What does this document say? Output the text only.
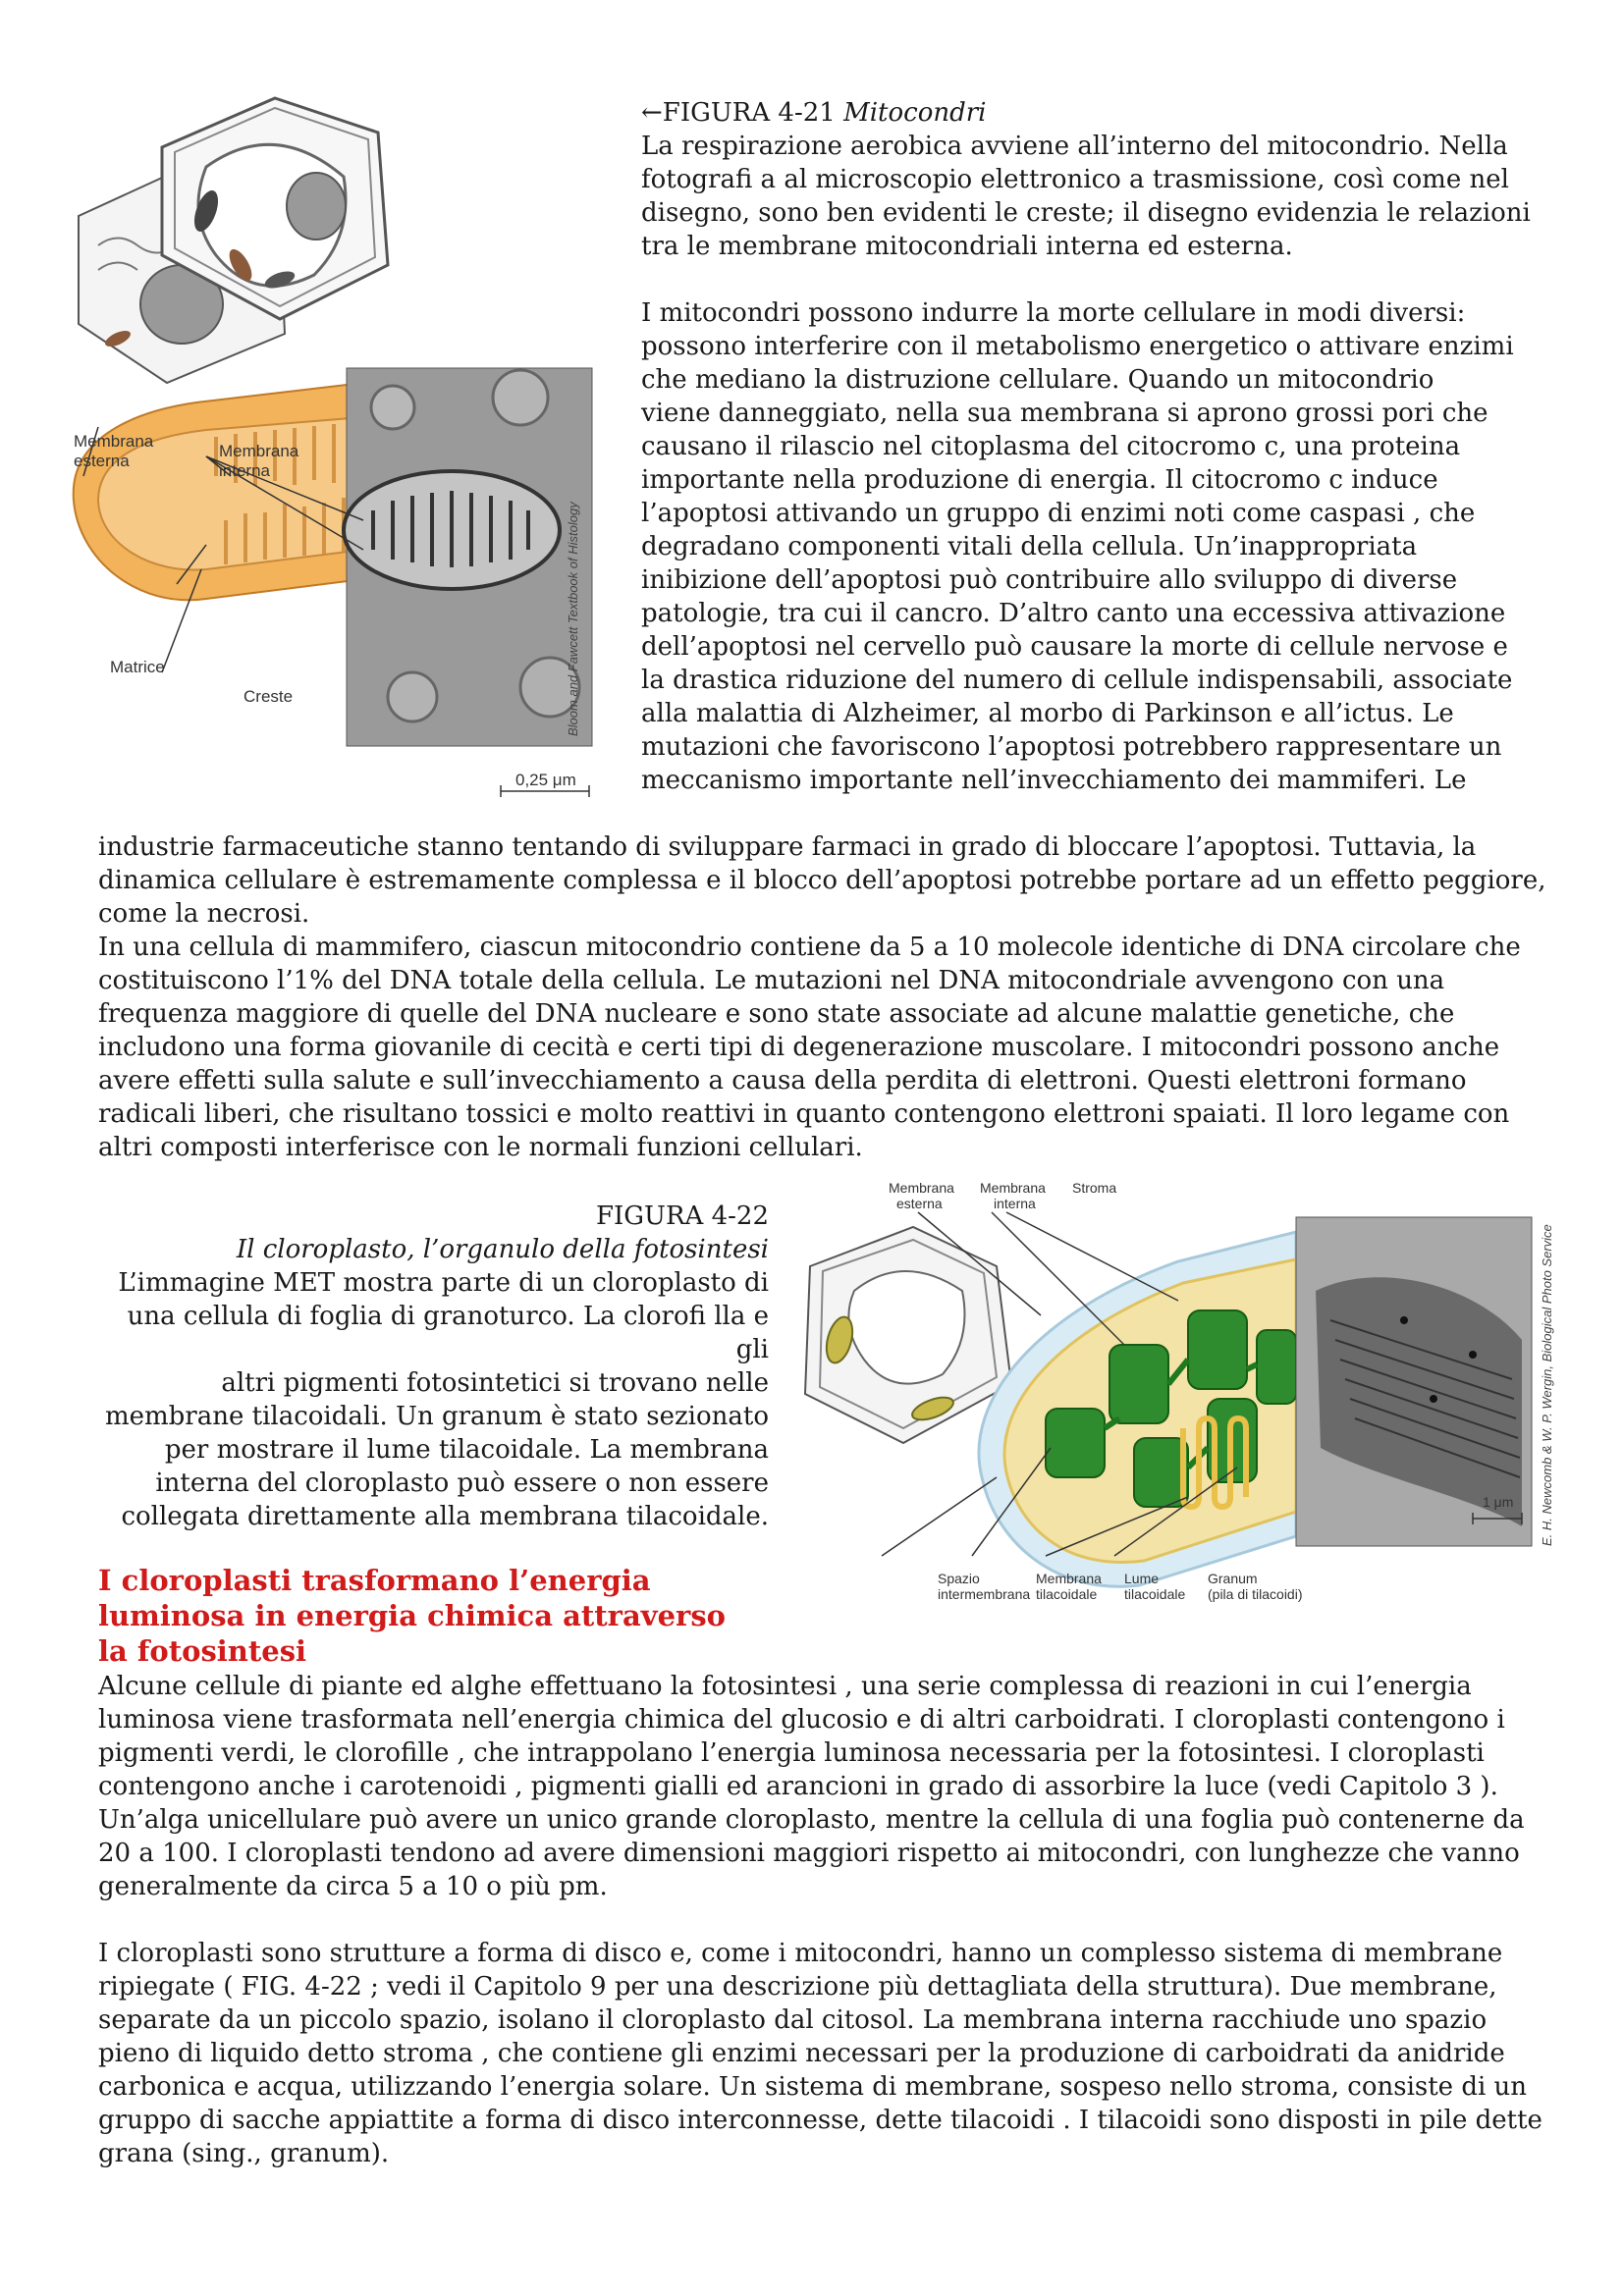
Bloom and Fawcett Textbook of Histology
Membrana
esterna
Membrana
interna
Matrice
Creste
0,25 μm

←FIGURA 4-21 Mitocondri

La respirazione aerobica avviene all’interno del mitocondrio. Nella fotografi a al microscopio elettronico a trasmissione, così come nel disegno, sono ben evidenti le creste; il disegno evidenzia le relazioni tra le membrane mitocondriali interna ed esterna.

I mitocondri possono indurre la morte cellulare in modi diversi:
possono interferire con il metabolismo energetico o attivare enzimi
che mediano la distruzione cellulare. Quando un mitocondrio
viene danneggiato, nella sua membrana si aprono grossi pori che
causano il rilascio nel citoplasma del citocromo c, una proteina
importante nella produzione di energia. Il citocromo c induce
l’apoptosi attivando un gruppo di enzimi noti come caspasi , che
degradano componenti vitali della cellula. Un’inappropriata
inibizione dell’apoptosi può contribuire allo sviluppo di diverse
patologie, tra cui il cancro. D’altro canto una eccessiva attivazione
dell’apoptosi nel cervello può causare la morte di cellule nervose e
la drastica riduzione del numero di cellule indispensabili, associate
alla malattia di Alzheimer, al morbo di Parkinson e all’ictus. Le
mutazioni che favoriscono l’apoptosi potrebbero rappresentare un
meccanismo importante nell’invecchiamento dei mammiferi. Le

industrie farmaceutiche stanno tentando di sviluppare farmaci in grado di bloccare l’apoptosi. Tuttavia, la dinamica cellulare è estremamente complessa e il blocco dell’apoptosi potrebbe portare ad un effetto peggiore, come la necrosi.

In una cellula di mammifero, ciascun mitocondrio contiene da 5 a 10 molecole identiche di DNA circolare che costituiscono l’1% del DNA totale della cellula. Le mutazioni nel DNA mitocondriale avvengono con una frequenza maggiore di quelle del DNA nucleare e sono state associate ad alcune malattie genetiche, che includono una forma giovanile di cecità e certi tipi di degenerazione muscolare. I mitocondri possono anche avere effetti sulla salute e sull’invecchiamento a causa della perdita di elettroni. Questi elettroni formano radicali liberi, che risultano tossici e molto reattivi in quanto contengono elettroni spaiati. Il loro legame con altri composti interferisce con le normali funzioni cellulari.

FIGURA 4-22

Il cloroplasto, l’organulo della fotosintesi

L’immagine MET mostra parte di un cloroplasto di
una cellula di foglia di granoturco. La clorofi lla e gli
altri pigmenti fotosintetici si trovano nelle
membrane tilacoidali. Un granum è stato sezionato
per mostrare il lume tilacoidale. La membrana
interna del cloroplasto può essere o non essere
collegata direttamente alla membrana tilacoidale.	E. H. Newcomb & W. P. Wergin, Biological Photo Service
Membrana
esterna
Membrana
interna
Stroma
Spazio
intermembrana
Membrana
tilacoidale
Lume
tilacoidale
Granum
(pila di tilacoidi)
1 μm
I cloroplasti trasformano l’energia luminosa in energia chimica attraverso la fotosintesi

Alcune cellule di piante ed alghe effettuano la fotosintesi , una serie complessa di reazioni in cui l’energia luminosa viene trasformata nell’energia chimica del glucosio e di altri carboidrati. I cloroplasti contengono i pigmenti verdi, le clorofille , che intrappolano l’energia luminosa necessaria per la fotosintesi. I cloroplasti contengono anche i carotenoidi , pigmenti gialli ed arancioni in grado di assorbire la luce (vedi Capitolo 3 ). Un’alga unicellulare può avere un unico grande cloroplasto, mentre la cellula di una foglia può contenerne da 20 a 100. I cloroplasti tendono ad avere dimensioni maggiori rispetto ai mitocondri, con lunghezze che vanno generalmente da circa 5 a 10 o più pm.

I cloroplasti sono strutture a forma di disco e, come i mitocondri, hanno un complesso sistema di membrane ripiegate ( FIG. 4-22 ; vedi il Capitolo 9 per una descrizione più dettagliata della struttura). Due membrane, separate da un piccolo spazio, isolano il cloroplasto dal citosol. La membrana interna racchiude uno spazio pieno di liquido detto stroma , che contiene gli enzimi necessari per la produzione di carboidrati da anidride carbonica e acqua, utilizzando l’energia solare. Un sistema di membrane, sospeso nello stroma, consiste di un gruppo di sacche appiattite a forma di disco interconnesse, dette tilacoidi . I tilacoidi sono disposti in pile dette grana (sing., granum).
